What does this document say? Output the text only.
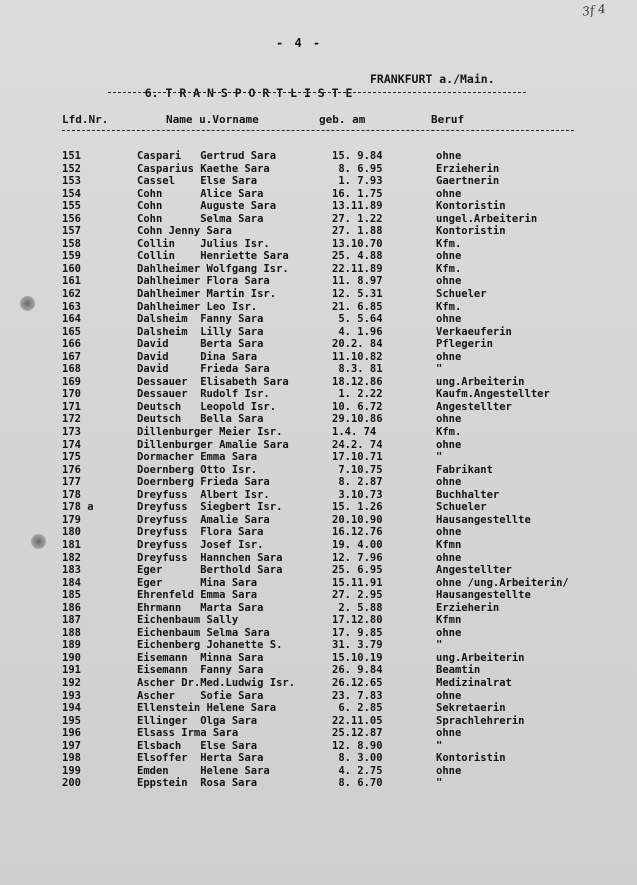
3f 4
- 4 -

6. T R A N S P O R T L I S T E

FRANKFURT a./Main.

Lfd.Nr.	Name u.Vorname	geb. am	Beruf
151	Caspari   Gertrud Sara	15. 9.84	ohne
152	Casparius Kaethe Sara	8. 6.95	Erzieherin
153	Cassel    Else Sara	1. 7.93	Gaertnerin
154	Cohn      Alice Sara	16. 1.75	ohne
155	Cohn      Auguste Sara	13.11.89	Kontoristin
156	Cohn      Selma Sara	27. 1.22	ungel.Arbeiterin
157	Cohn Jenny Sara	27. 1.88	Kontoristin
158	Collin    Julius Isr.	13.10.70	Kfm.
159	Collin    Henriette Sara	25. 4.88	ohne
160	Dahlheimer Wolfgang Isr.	22.11.89	Kfm.
161	Dahlheimer Flora Sara	11. 8.97	ohne
162	Dahlheimer Martin Isr.	12. 5.31	Schueler
163	Dahlheimer Leo Isr.	21. 6.85	Kfm.
164	Dalsheim  Fanny Sara	5. 5.64	ohne
165	Dalsheim  Lilly Sara	4. 1.96	Verkaeuferin
166	David     Berta Sara	20.2. 84	Pflegerin
167	David     Dina Sara	11.10.82	ohne
168	David     Frieda Sara	8.3. 81	"
169	Dessauer  Elisabeth Sara	18.12.86	ung.Arbeiterin
170	Dessauer  Rudolf Isr.	1. 2.22	Kaufm.Angestellter
171	Deutsch   Leopold Isr.	10. 6.72	Angestellter
172	Deutsch   Bella Sara	29.10.86	ohne
173	Dillenburger Meier Isr.	1.4. 74	Kfm.
174	Dillenburger Amalie Sara	24.2. 74	ohne
175	Dormacher Emma Sara	17.10.71	"
176	Doernberg Otto Isr.	7.10.75	Fabrikant
177	Doernberg Frieda Sara	8. 2.87	ohne
178	Dreyfuss  Albert Isr.	3.10.73	Buchhalter
178 a	Dreyfuss  Siegbert Isr.	15. 1.26	Schueler
179	Dreyfuss  Amalie Sara	20.10.90	Hausangestellte
180	Dreyfuss  Flora Sara	16.12.76	ohne
181	Dreyfuss  Josef Isr.	19. 4.00	Kfmn
182	Dreyfuss  Hannchen Sara	12. 7.96	ohne
183	Eger      Berthold Sara	25. 6.95	Angestellter
184	Eger      Mina Sara	15.11.91	ohne /ung.Arbeiterin/
185	Ehrenfeld Emma Sara	27. 2.95	Hausangestellte
186	Ehrmann   Marta Sara	2. 5.88	Erzieherin
187	Eichenbaum Sally	17.12.80	Kfmn
188	Eichenbaum Selma Sara	17. 9.85	ohne
189	Eichenberg Johanette S.	31. 3.79	"
190	Eisemann  Minna Sara	15.10.19	ung.Arbeiterin
191	Eisemann  Fanny Sara	26. 9.84	Beamtin
192	Ascher Dr.Med.Ludwig Isr.	26.12.65	Medizinalrat
193	Ascher    Sofie Sara	23. 7.83	ohne
194	Ellenstein Helene Sara	6. 2.85	Sekretaerin
195	Ellinger  Olga Sara	22.11.05	Sprachlehrerin
196	Elsass Irma Sara	25.12.87	ohne
197	Elsbach   Else Sara	12. 8.90	"
198	Elsoffer  Herta Sara	8. 3.00	Kontoristin
199	Emden     Helene Sara	4. 2.75	ohne
200	Eppstein  Rosa Sara	8. 6.70	"
